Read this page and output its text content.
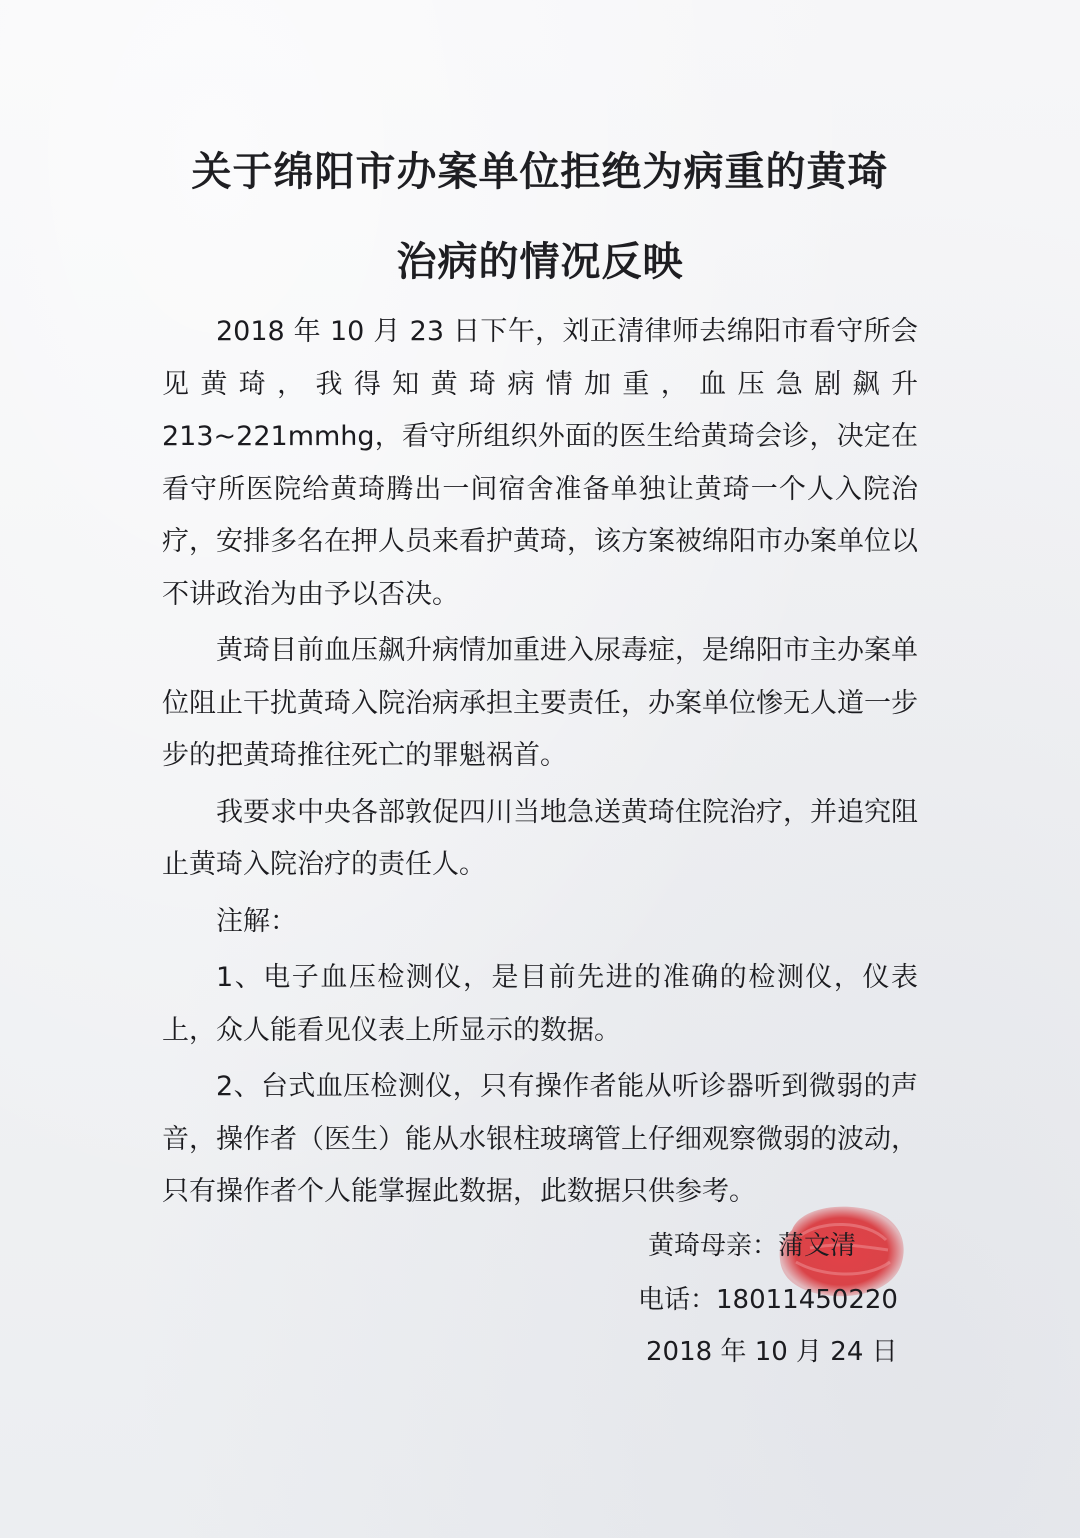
关于绵阳市办案单位拒绝为病重的黄琦
治病的情况反映

2018 年 10 月 23 日下午，刘正清律师去绵阳市看守所会见黄琦，我得知黄琦病情加重，血压急剧飙升 213~221mmhg，看守所组织外面的医生给黄琦会诊，决定在看守所医院给黄琦腾出一间宿舍准备单独让黄琦一个人入院治疗，安排多名在押人员来看护黄琦，该方案被绵阳市办案单位以不讲政治为由予以否决。

黄琦目前血压飙升病情加重进入尿毒症，是绵阳市主办案单位阻止干扰黄琦入院治病承担主要责任，办案单位惨无人道一步步的把黄琦推往死亡的罪魁祸首。

我要求中央各部敦促四川当地急送黄琦住院治疗，并追究阻止黄琦入院治疗的责任人。

注解：

1、电子血压检测仪，是目前先进的准确的检测仪，仪表上，众人能看见仪表上所显示的数据。

2、台式血压检测仪，只有操作者能从听诊器听到微弱的声音，操作者（医生）能从水银柱玻璃管上仔细观察微弱的波动，只有操作者个人能掌握此数据，此数据只供参考。

黄琦母亲：蒲文清
电话：18011450220
2018 年 10 月 24 日
